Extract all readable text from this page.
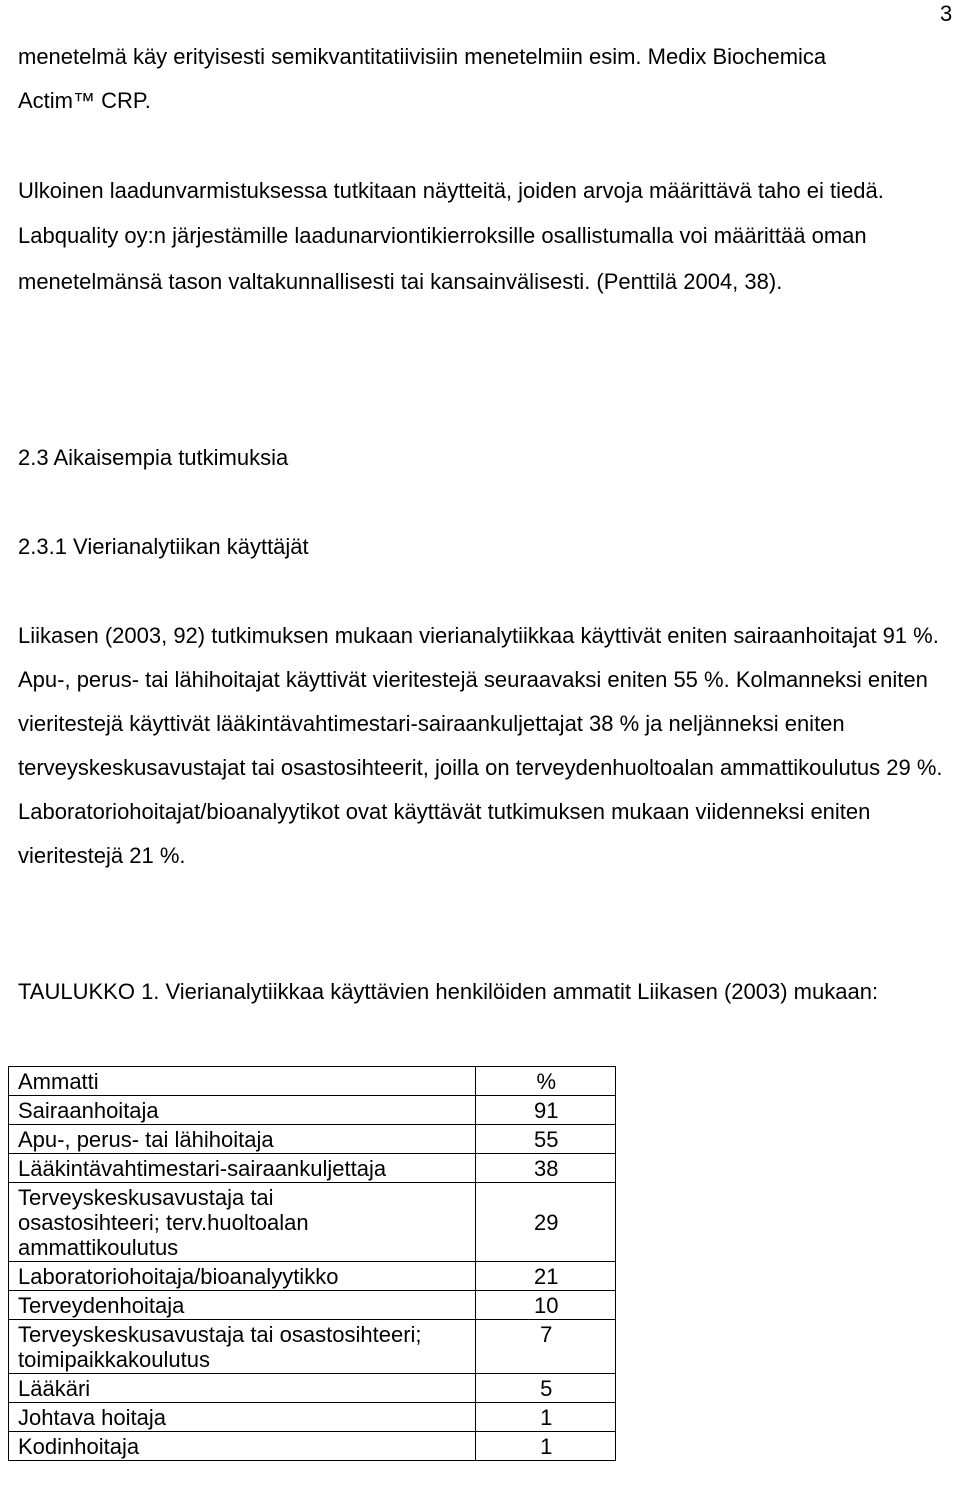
3

menetelmä käy erityisesti semikvantitatiivisiin menetelmiin esim. Medix Biochemica Actim™ CRP.

Ulkoinen laadunvarmistuksessa tutkitaan näytteitä, joiden arvoja määrittävä taho ei tiedä. Labquality oy:n järjestämille laadunarviontikierroksille osallistumalla voi määrittää oman menetelmänsä tason valtakunnallisesti tai kansainvälisesti. (Penttilä 2004, 38).

2.3 Aikaisempia tutkimuksia

2.3.1 Vierianalytiikan käyttäjät

Liikasen (2003, 92) tutkimuksen mukaan vierianalytiikkaa käyttivät eniten sairaanhoitajat 91 %. Apu-, perus- tai lähihoitajat käyttivät vieritestejä seuraavaksi eniten 55 %. Kolmanneksi eniten vieritestejä käyttivät lääkintävahtimestari-sairaankuljettajat 38 % ja neljänneksi eniten terveyskeskusavustajat tai osastosihteerit, joilla on terveydenhuoltoalan ammattikoulutus 29 %. Laboratoriohoitajat/bioanalyytikot ovat käyttävät tutkimuksen mukaan viidenneksi eniten vieritestejä 21 %.

TAULUKKO 1. Vierianalytiikkaa käyttävien henkilöiden ammatit Liikasen (2003) mukaan:

Ammatti	%
Sairaanhoitaja	91
Apu-, perus- tai lähihoitaja	55
Lääkintävahtimestari-sairaankuljettaja	38
Terveyskeskusavustaja tai osastosihteeri; terv.huoltoalan ammattikoulutus	29
Laboratoriohoitaja/bioanalyytikko	21
Terveydenhoitaja	10
Terveyskeskusavustaja tai osastosihteeri; toimipaikkakoulutus	7
Lääkäri	5
Johtava hoitaja	1
Kodinhoitaja	1
